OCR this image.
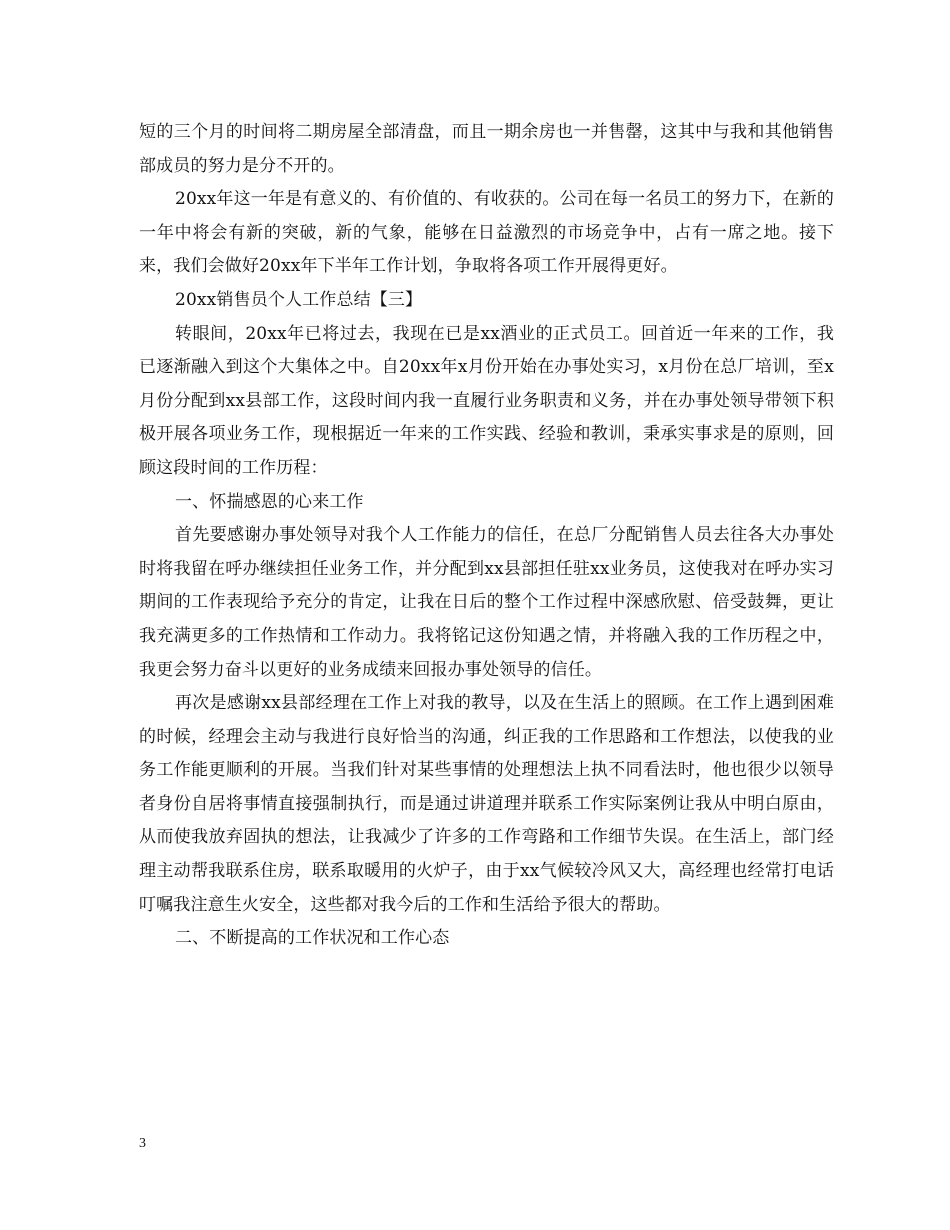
短的三个月的时间将二期房屋全部清盘，而且一期余房也一并售罄，这其中与我和其他销售部成员的努力是分不开的。

20xx年这一年是有意义的、有价值的、有收获的。公司在每一名员工的努力下，在新的一年中将会有新的突破，新的气象，能够在日益激烈的市场竞争中，占有一席之地。接下来，我们会做好20xx年下半年工作计划，争取将各项工作开展得更好。

20xx销售员个人工作总结【三】

转眼间，20xx年已将过去，我现在已是xx酒业的正式员工。回首近一年来的工作，我已逐渐融入到这个大集体之中。自20xx年x月份开始在办事处实习，x月份在总厂培训，至x月份分配到xx县部工作，这段时间内我一直履行业务职责和义务，并在办事处领导带领下积极开展各项业务工作，现根据近一年来的工作实践、经验和教训，秉承实事求是的原则，回顾这段时间的工作历程：

一、怀揣感恩的心来工作

首先要感谢办事处领导对我个人工作能力的信任，在总厂分配销售人员去往各大办事处时将我留在呼办继续担任业务工作，并分配到xx县部担任驻xx业务员，这使我对在呼办实习期间的工作表现给予充分的肯定，让我在日后的整个工作过程中深感欣慰、倍受鼓舞，更让我充满更多的工作热情和工作动力。我将铭记这份知遇之情，并将融入我的工作历程之中，我更会努力奋斗以更好的业务成绩来回报办事处领导的信任。

再次是感谢xx县部经理在工作上对我的教导，以及在生活上的照顾。在工作上遇到困难的时候，经理会主动与我进行良好恰当的沟通，纠正我的工作思路和工作想法，以使我的业务工作能更顺利的开展。当我们针对某些事情的处理想法上执不同看法时，他也很少以领导者身份自居将事情直接强制执行，而是通过讲道理并联系工作实际案例让我从中明白原由，从而使我放弃固执的想法，让我减少了许多的工作弯路和工作细节失误。在生活上，部门经理主动帮我联系住房，联系取暖用的火炉子，由于xx气候较冷风又大，高经理也经常打电话叮嘱我注意生火安全，这些都对我今后的工作和生活给予很大的帮助。

二、不断提高的工作状况和工作心态

3
